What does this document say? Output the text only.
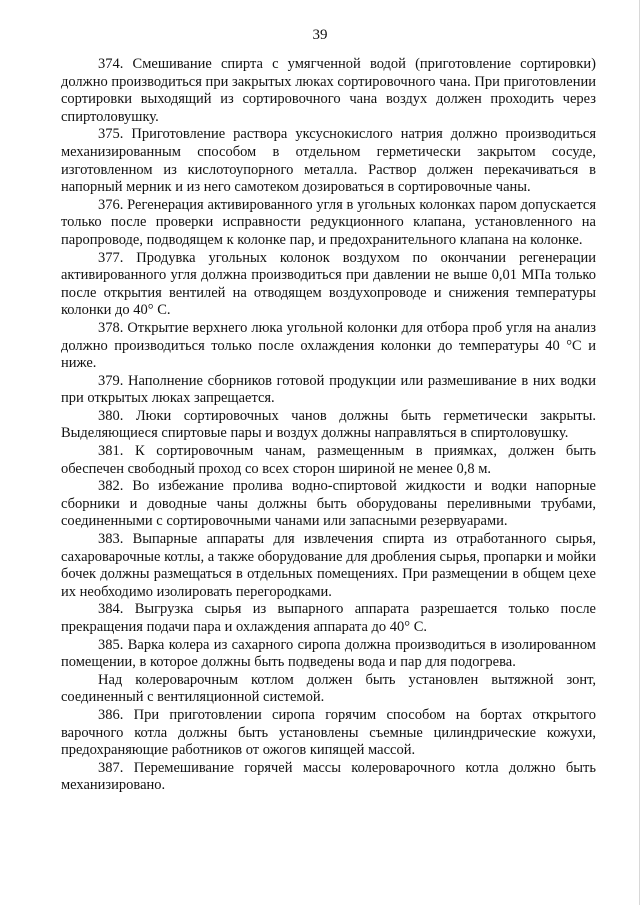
39

374. Смешивание спирта с умягченной водой (приготовление сортировки) должно производиться при закрытых люках сортировочного чана. При приготовлении сортировки выходящий из сортировочного чана воздух должен проходить через спиртоловушку.

375. Приготовление раствора уксуснокислого натрия должно производиться механизированным способом в отдельном герметически закрытом сосуде, изготовленном из кислотоупорного металла. Раствор должен перекачиваться в напорный мерник и из него самотеком дозироваться в сортировочные чаны.

376. Регенерация активированного угля в угольных колонках паром допускается только после проверки исправности редукционного клапана, установленного на паропроводе, подводящем к колонке пар, и предохранительного клапана на колонке.

377. Продувка угольных колонок воздухом по окончании регенерации активированного угля должна производиться при давлении не выше 0,01 МПа только после открытия вентилей на отводящем воздухопроводе и снижения температуры колонки до 40° С.

378. Открытие верхнего люка угольной колонки для отбора проб угля на анализ должно производиться только после охлаждения колонки до температуры 40 °С и ниже.

379. Наполнение сборников готовой продукции или размешивание в них водки при открытых люках запрещается.

380. Люки сортировочных чанов должны быть герметически закрыты. Выделяющиеся спиртовые пары и воздух должны направляться в спиртоловушку.

381. К сортировочным чанам, размещенным в приямках, должен быть обеспечен свободный проход со всех сторон шириной не менее 0,8 м.

382. Во избежание пролива водно-спиртовой жидкости и водки напорные сборники и доводные чаны должны быть оборудованы переливными трубами, соединенными с сортировочными чанами или запасными резервуарами.

383. Выпарные аппараты для извлечения спирта из отработанного сырья, сахароварочные котлы, а также оборудование для дробления сырья, пропарки и мойки бочек должны размещаться в отдельных помещениях. При размещении в общем цехе их необходимо изолировать перегородками.

384. Выгрузка сырья из выпарного аппарата разрешается только после прекращения подачи пара и охлаждения аппарата до 40° С.

385. Варка колера из сахарного сиропа должна производиться в изолированном помещении, в которое должны быть подведены вода и пар для подогрева.

Над колероварочным котлом должен быть установлен вытяжной зонт, соединенный с вентиляционной системой.

386. При приготовлении сиропа горячим способом на бортах открытого варочного котла должны быть установлены съемные цилиндрические кожухи, предохраняющие работников от ожогов кипящей массой.

387. Перемешивание горячей массы колероварочного котла должно быть механизировано.
